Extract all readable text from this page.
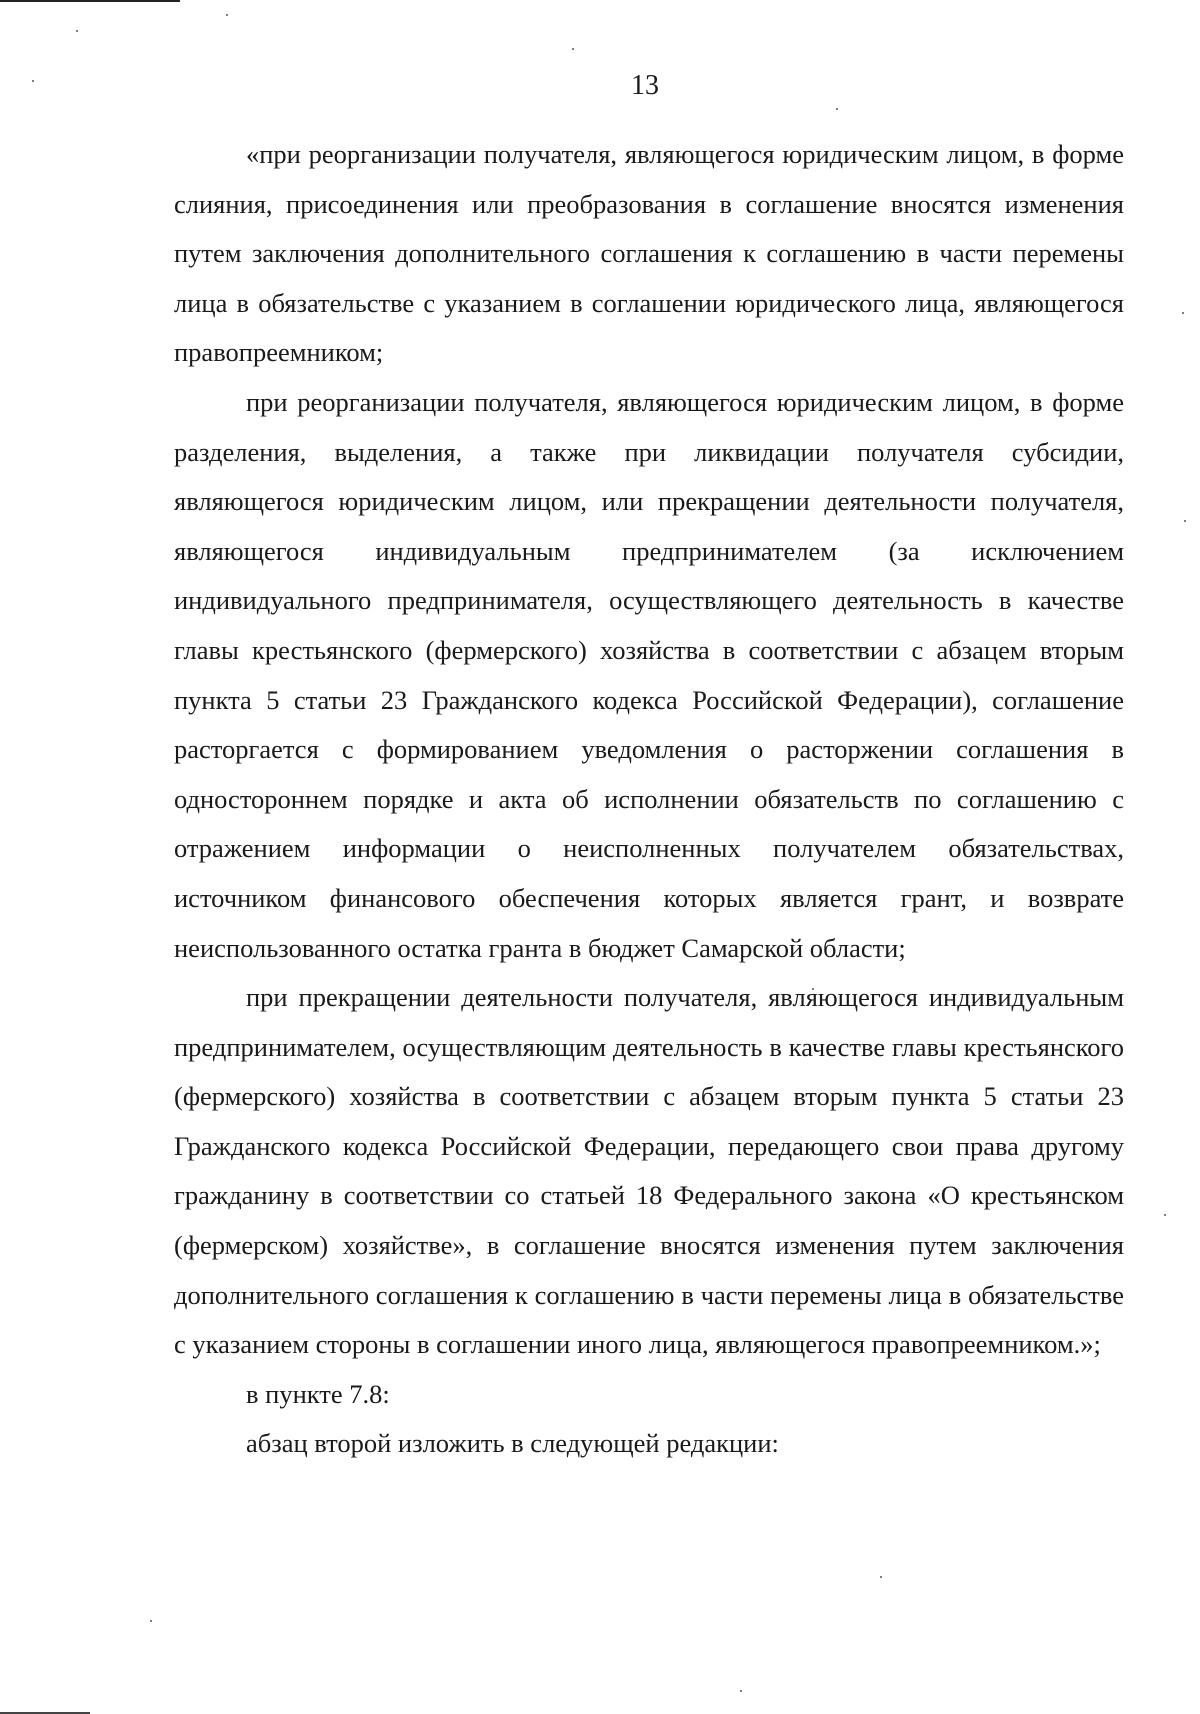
13

«при реорганизации получателя, являющегося юридическим лицом, в форме слияния, присоединения или преобразования в соглашение вносятся изменения путем заключения дополнительного соглашения к соглашению в части перемены лица в обязательстве с указанием в соглашении юридического лица, являющегося правопреемником;

при реорганизации получателя, являющегося юридическим лицом, в форме разделения, выделения, а также при ликвидации получателя субсидии, являющегося юридическим лицом, или прекращении деятельности получателя, являющегося индивидуальным предпринимателем (за исключением индивидуального предпринимателя, осуществляющего деятельность в качестве главы крестьянского (фермерского) хозяйства в соответствии с абзацем вторым пункта 5 статьи 23 Гражданского кодекса Российской Федерации), соглашение расторгается с формированием уведомления о расторжении соглашения в одностороннем порядке и акта об исполнении обязательств по соглашению с отражением информации о неисполненных получателем обязательствах, источником финансового обеспечения которых является грант, и возврате неиспользованного остатка гранта в бюджет Самарской области;

при прекращении деятельности получателя, являющегося индивидуальным предпринимателем, осуществляющим деятельность в качестве главы крестьянского (фермерского) хозяйства в соответствии с абзацем вторым пункта 5 статьи 23 Гражданского кодекса Российской Федерации, передающего свои права другому гражданину в соответствии со статьей 18 Федерального закона «О крестьянском (фермерском) хозяйстве», в соглашение вносятся изменения путем заключения дополнительного соглашения к соглашению в части перемены лица в обязательстве с указанием стороны в соглашении иного лица, являющегося правопреемником.»;

в пункте 7.8:

абзац второй изложить в следующей редакции:
